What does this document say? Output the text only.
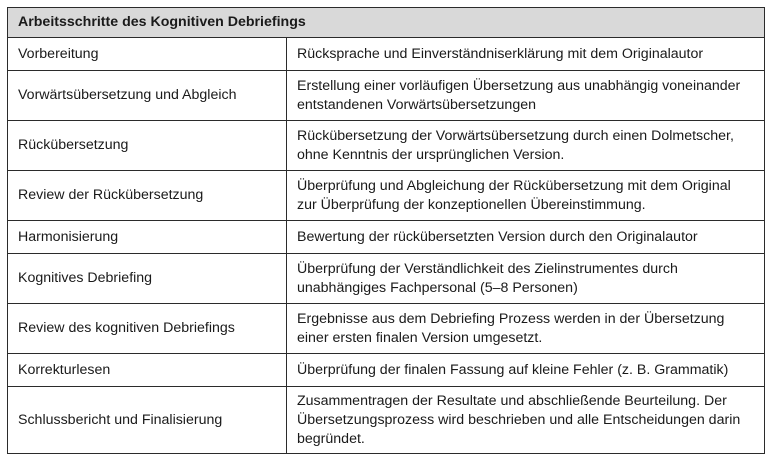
Arbeitsschritte des Kognitiven Debriefings	
Vorbereitung	Rücksprache und Einverständniserklärung mit dem Originalautor
Vorwärtsübersetzung und Abgleich	Erstellung einer vorläufigen Übersetzung aus unabhängig voneinander entstandenen Vorwärtsübersetzungen
Rückübersetzung	Rückübersetzung der Vorwärtsübersetzung durch einen Dolmetscher, ohne Kenntnis der ursprünglichen Version.
Review der Rückübersetzung	Überprüfung und Abgleichung der Rückübersetzung mit dem Original zur Überprüfung der konzeptionellen Übereinstimmung.
Harmonisierung	Bewertung der rückübersetzten Version durch den Originalautor
Kognitives Debriefing	Überprüfung der Verständlichkeit des Zielinstrumentes durch unabhängiges Fachpersonal (5–8 Personen)
Review des kognitiven Debriefings	Ergebnisse aus dem Debriefing Prozess werden in der Übersetzung einer ersten finalen Version umgesetzt.
Korrekturlesen	Überprüfung der finalen Fassung auf kleine Fehler (z. B. Grammatik)
Schlussbericht und Finalisierung	Zusammentragen der Resultate und abschließende Beurteilung. Der Übersetzungsprozess wird beschrieben und alle Entscheidungen darin begründet.
